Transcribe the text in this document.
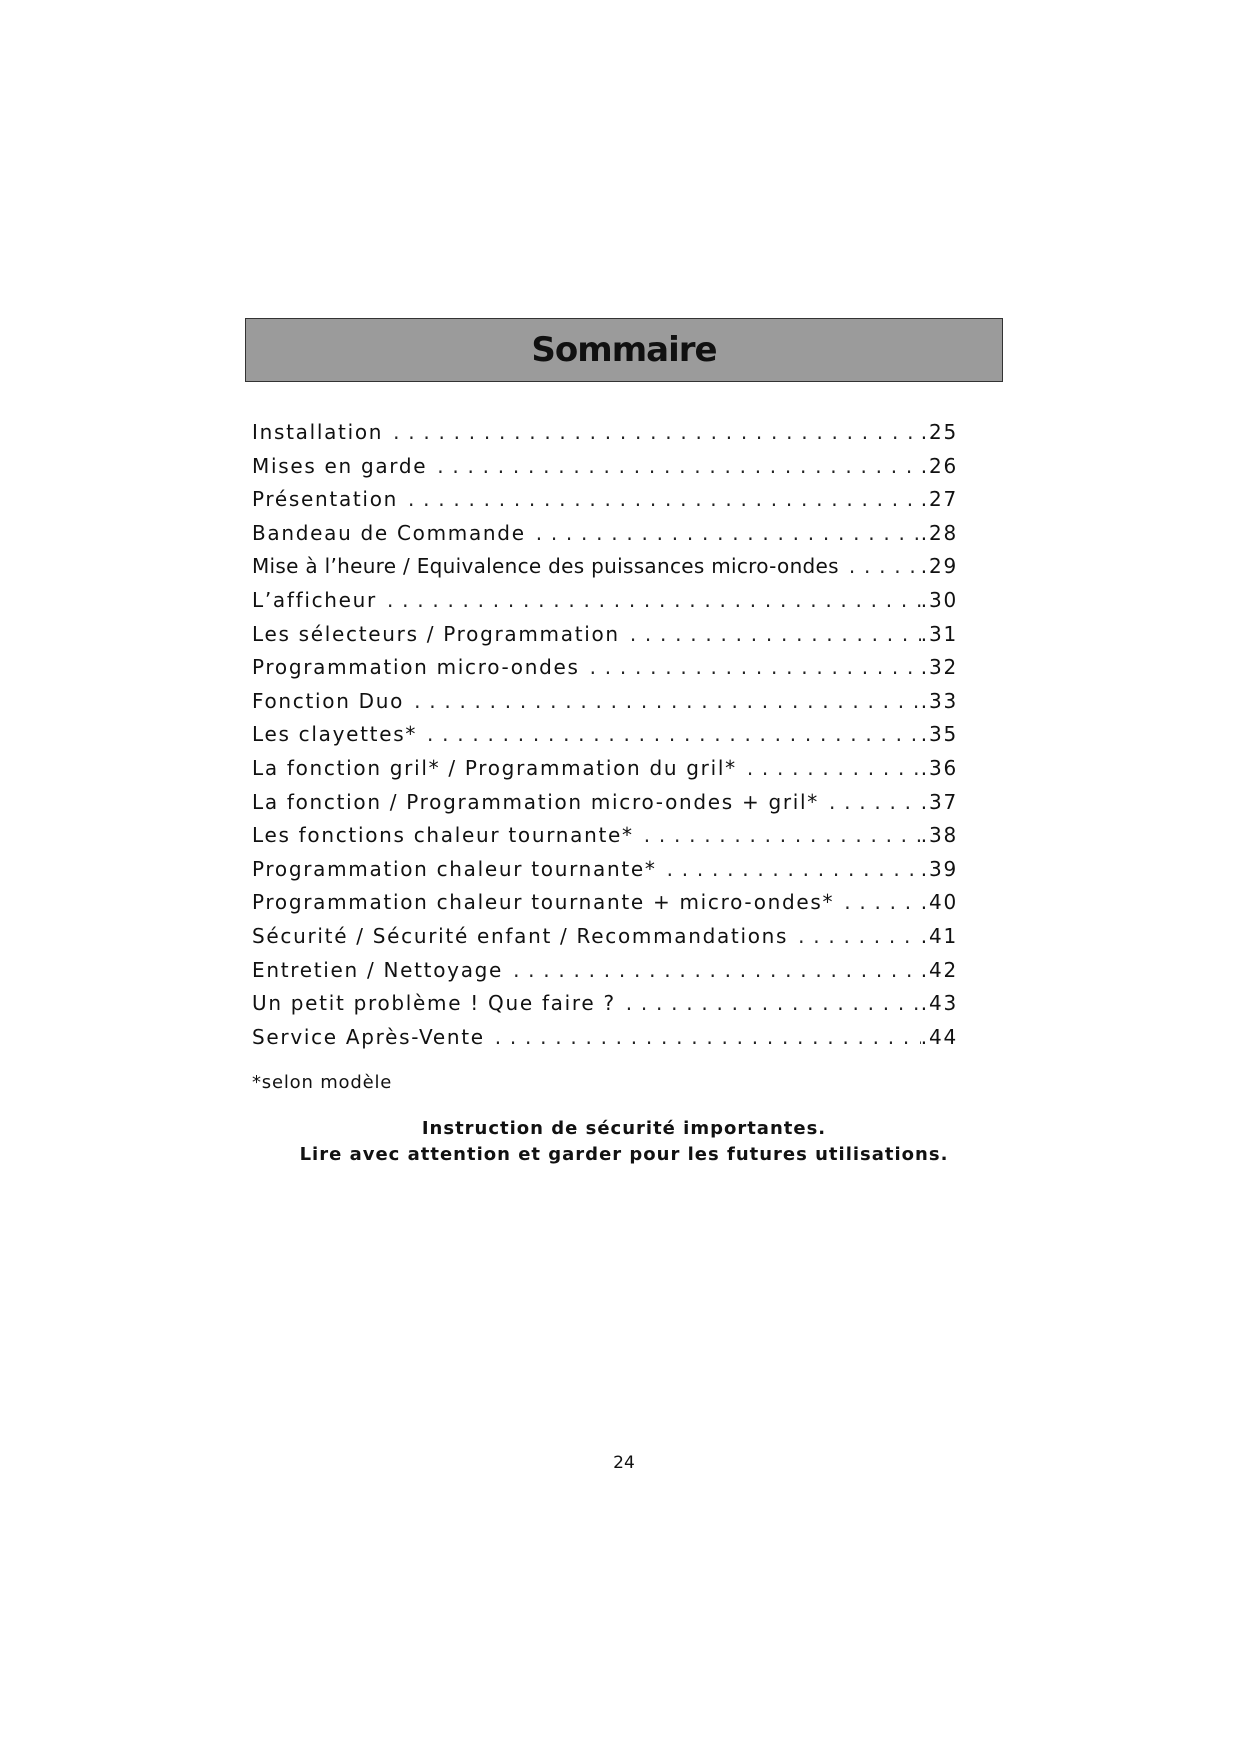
Sommaire
Installation . . .	.25
Mises en garde . . .	.26
Présentation . . .	.27
Bandeau de Commande . . .	.28
Mise à l’heure / Equivalence des puissances micro-ondes . . .	.29
L’afficheur . . .	.30
Les sélecteurs / Programmation . . .	.31
Programmation micro-ondes . . .	.32
Fonction Duo . . .	.33
Les clayettes* . . .	.35
La fonction gril* / Programmation du gril* . . .	.36
La fonction / Programmation micro-ondes + gril* . . .	.37
Les fonctions chaleur tournante* . . .	.38
Programmation chaleur tournante* . . .	.39
Programmation chaleur tournante + micro-ondes* . . .	.40
Sécurité / Sécurité enfant / Recommandations . . .	.41
Entretien / Nettoyage . . .	.42
Un petit problème ! Que faire ? . . .	.43
Service Après-Vente . . .	.44
*selon modèle
Instruction de sécurité importantes.
Lire avec attention et garder pour les futures utilisations.
24
